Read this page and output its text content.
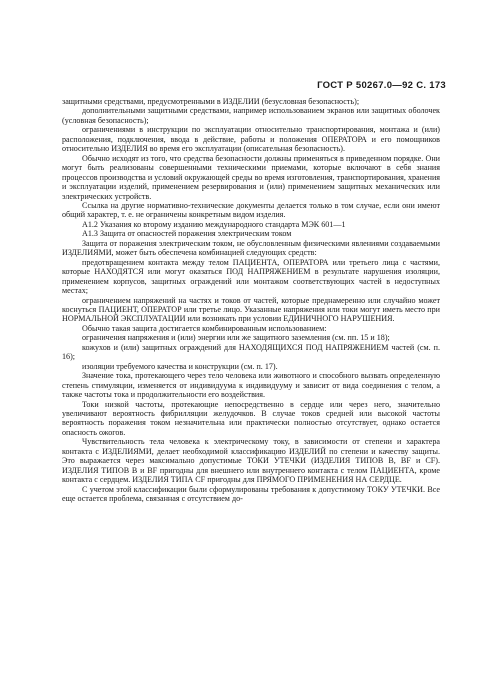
ГОСТ Р 50267.0—92 С. 173

защитными средствами, предусмотренными в ИЗДЕЛИИ (безусловная безопасность);

дополнительными защитными средствами, например использованием экранов или защитных оболочек (условная безопасность);

ограничениями в инструкции по эксплуатации относительно транспортирования, монтажа и (или) расположения, подключения, ввода в действие, работы и положения ОПЕРАТОРА и его помощников относительно ИЗДЕЛИЯ во время его эксплуатации (описательная безопасность).

Обычно исходят из того, что средства безопасности должны применяться в приведенном порядке. Они могут быть реализованы совершенными техническими приемами, которые включают в себя знания процессов производства и условий окружающей среды во время изготовления, транспортирования, хранения и эксплуатации изделий, применением резервирования и (или) применением защитных механических или электрических устройств.

Ссылка на другие нормативно-технические документы делается только в том случае, если они имеют общий характер, т. е. не ограничены конкретным видом изделия.

А1.2 Указания ко второму изданию международного стандарта МЭК 601—1

А1.3 Защита от опасностей поражения электрическим током

Защита от поражения электрическим током, не обусловленным физическими явлениями создаваемыми ИЗДЕЛИЯМИ, может быть обеспечена комбинацией следующих средств:

предотвращением контакта между телом ПАЦИЕНТА, ОПЕРАТОРА или третьего лица с частями, которые НАХОДЯТСЯ или могут оказаться ПОД НАПРЯЖЕНИЕМ в результате нарушения изоляции, применением корпусов, защитных ограждений или монтажом соответствующих частей в недоступных местах;

ограничением напряжений на частях и токов от частей, которые преднамеренно или случайно может коснуться ПАЦИЕНТ, ОПЕРАТОР или третье лицо. Указанные напряжения или токи могут иметь место при НОРМАЛЬНОЙ ЭКСПЛУАТАЦИИ или возникать при условии ЕДИНИЧНОГО НАРУШЕНИЯ.

Обычно такая защита достигается комбинированным использованием:

ограничения напряжения и (или) энергии или же защитного заземления (см. пп. 15 и 18);

кожухов и (или) защитных ограждений для НАХОДЯЩИХСЯ ПОД НАПРЯЖЕНИЕМ частей (см. п. 16);

изоляции требуемого качества и конструкции (см. п. 17).

Значение тока, протекающего через тело человека или животного и способного вызвать определенную степень стимуляции, изменяется от индивидуума к индивидууму и зависит от вида соединения с телом, а также частоты тока и продолжительности его воздействия.

Токи низкой частоты, протекающие непосредственно в сердце или через него, значительно увеличивают вероятность фибрилляции желудочков. В случае токов средней или высокой частоты вероятность поражения током незначительна или практически полностью отсутствует, однако остается опасность ожогов.

Чувствительность тела человека к электрическому току, в зависимости от степени и характера контакта с ИЗДЕЛИЯМИ, делает необходимой классификацию ИЗДЕЛИЙ по степени и качеству защиты. Это выражается через максимально допустимые ТОКИ УТЕЧКИ (ИЗДЕЛИЯ ТИПОВ В, ВF и СF). ИЗДЕЛИЯ ТИПОВ В и ВF пригодны для внешнего или внутреннего контакта с телом ПАЦИЕНТА, кроме контакта с сердцем. ИЗДЕЛИЯ ТИПА СF пригодны для ПРЯМОГО ПРИМЕНЕНИЯ НА СЕРДЦЕ.

С учетом этой классификации были сформулированы требования к допустимому ТОКУ УТЕЧКИ. Все еще остается проблема, связанная с отсутствием до-
